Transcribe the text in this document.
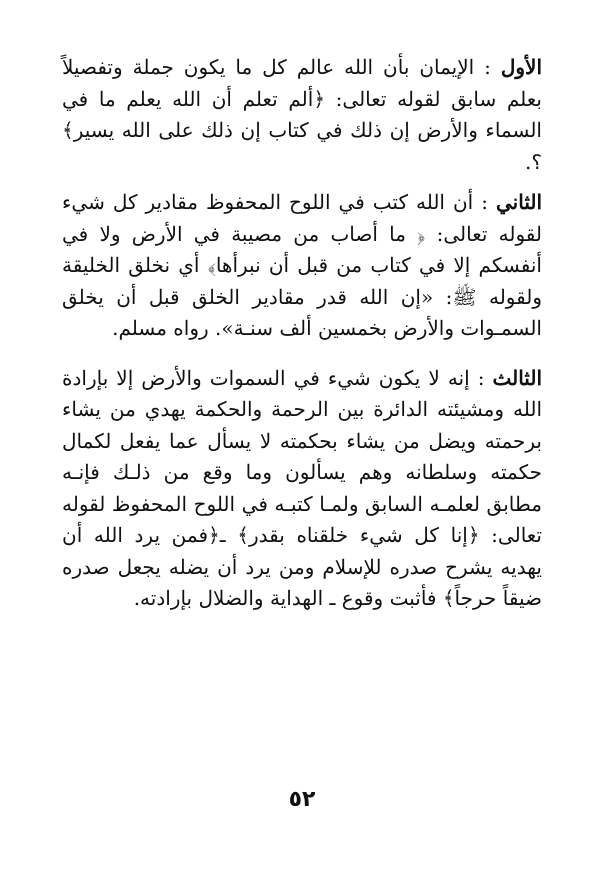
الأول : الإيمان بأن الله عالم كل ما يكون جملة وتفصيلاً بعلم سابق لقوله تعالى: ﴿ألم تعلم أن الله يعلم ما في السماء والأرض إن ذلك في كتاب إن ذلك على الله يسير﴾ ؟.

الثاني : أن الله كتب في اللوح المحفوظ مقادير كل شيء لقوله تعالى: ﴿ ما أصاب من مصيبة في الأرض ولا في أنفسكم إلا في كتاب من قبل أن نبرأها﴾ أي نخلق الخليقة ولقوله ﷺ: «إن الله قدر مقادير الخلق قبل أن يخلق السمـوات والأرض بخمسين ألف سنـة». رواه مسلم.

الثالث : إنه لا يكون شيء في السموات والأرض إلا بإرادة الله ومشيئته الدائرة بين الرحمة والحكمة يهدي من يشاء برحمته ويضل من يشاء بحكمته لا يسأل عما يفعل لكمال حكمته وسلطانه وهم يسألون وما وقع من ذلـك فإنـه مطابق لعلمـه السابق ولمـا كتبـه في اللوح المحفوظ لقوله تعالى: ﴿إنا كل شيء خلقناه بقدر﴾ ـ﴿فمن يرد الله أن يهديه يشرح صدره للإسلام ومن يرد أن يضله يجعل صدره ضيقاً حرجاً﴾ فأثبت وقوع ـ الهداية والضلال بإرادته.

٥٢
